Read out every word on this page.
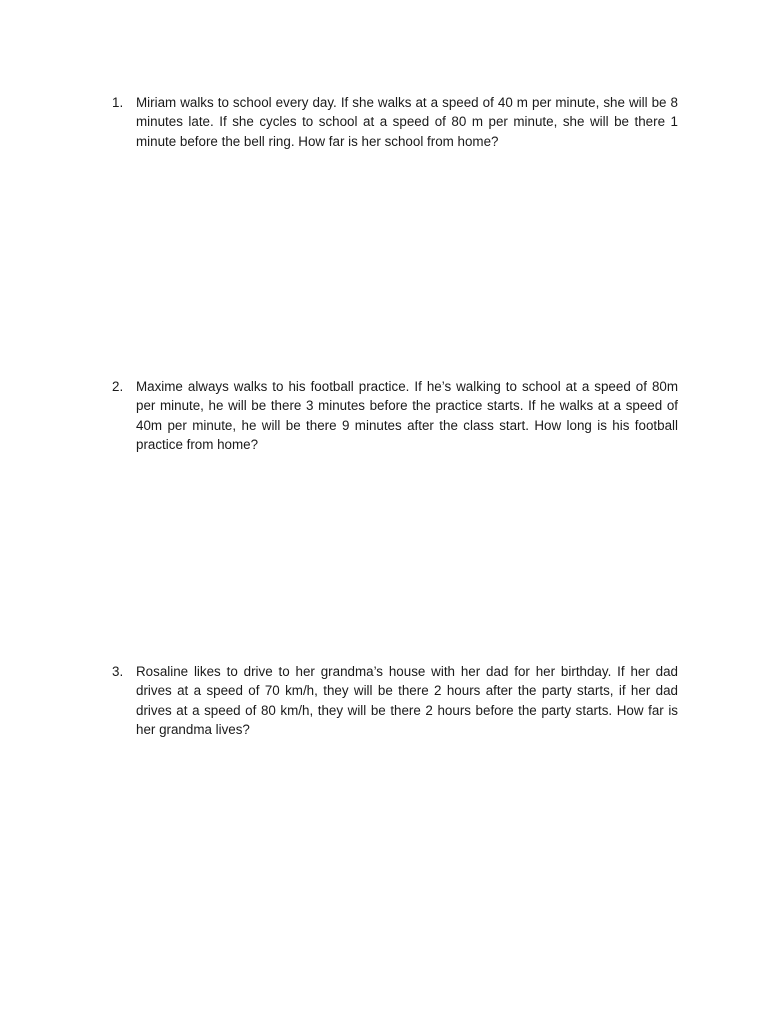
1. Miriam walks to school every day. If she walks at a speed of 40 m per minute, she will be 8 minutes late. If she cycles to school at a speed of 80 m per minute, she will be there 1 minute before the bell ring. How far is her school from home?
2. Maxime always walks to his football practice. If he’s walking to school at a speed of 80m per minute, he will be there 3 minutes before the practice starts. If he walks at a speed of 40m per minute, he will be there 9 minutes after the class start. How long is his football practice from home?
3. Rosaline likes to drive to her grandma’s house with her dad for her birthday. If her dad drives at a speed of 70 km/h, they will be there 2 hours after the party starts, if her dad drives at a speed of 80 km/h, they will be there 2 hours before the party starts. How far is her grandma lives?
